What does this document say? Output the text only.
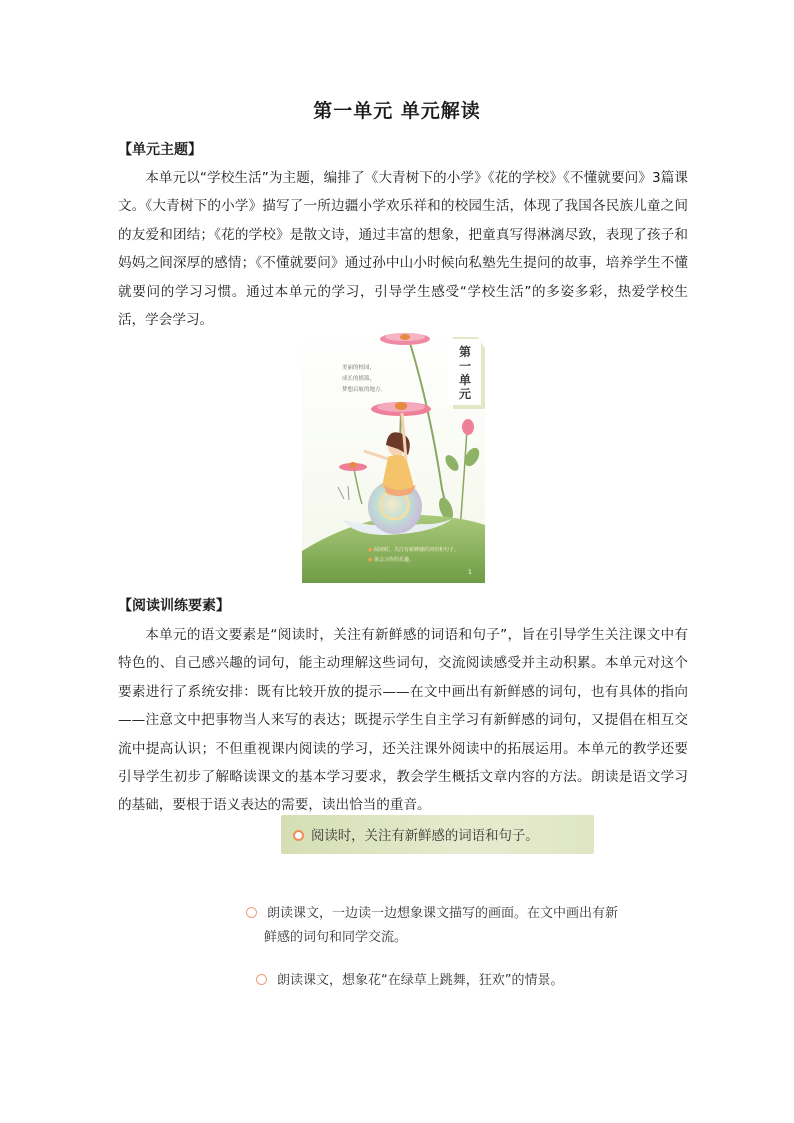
第一单元 单元解读
【单元主题】
本单元以“学校生活”为主题，编排了《大青树下的小学》《花的学校》《不懂就要问》3篇课文。《大青树下的小学》描写了一所边疆小学欢乐祥和的校园生活，体现了我国各民族儿童之间的友爱和团结；《花的学校》是散文诗，通过丰富的想象，把童真写得淋漓尽致，表现了孩子和妈妈之间深厚的感情；《不懂就要问》通过孙中山小时候向私塾先生提问的故事，培养学生不懂就要问的学习习惯。通过本单元的学习，引导学生感受“学校生活”的多姿多彩，热爱学校生活，学会学习。
第
一
单
元
美丽的校园，
成长的摇篮，
梦想启航的地方。
● 阅读时，关注有新鲜感的词语和句子。
● 体会习作的乐趣。
1
【阅读训练要素】
本单元的语文要素是“阅读时，关注有新鲜感的词语和句子”，旨在引导学生关注课文中有特色的、自己感兴趣的词句，能主动理解这些词句，交流阅读感受并主动积累。本单元对这个要素进行了系统安排：既有比较开放的提示——在文中画出有新鲜感的词句，也有具体的指向——注意文中把事物当人来写的表达；既提示学生自主学习有新鲜感的词句，又提倡在相互交流中提高认识；不但重视课内阅读的学习，还关注课外阅读中的拓展运用。本单元的教学还要引导学生初步了解略读课文的基本学习要求，教会学生概括文章内容的方法。朗读是语文学习的基础，要根于语义表达的需要，读出恰当的重音。
阅读时，关注有新鲜感的词语和句子。
朗读课文，一边读一边想象课文描写的画面。在文中画出有新
鲜感的词句和同学交流。
朗读课文，想象花“在绿草上跳舞，狂欢”的情景。
